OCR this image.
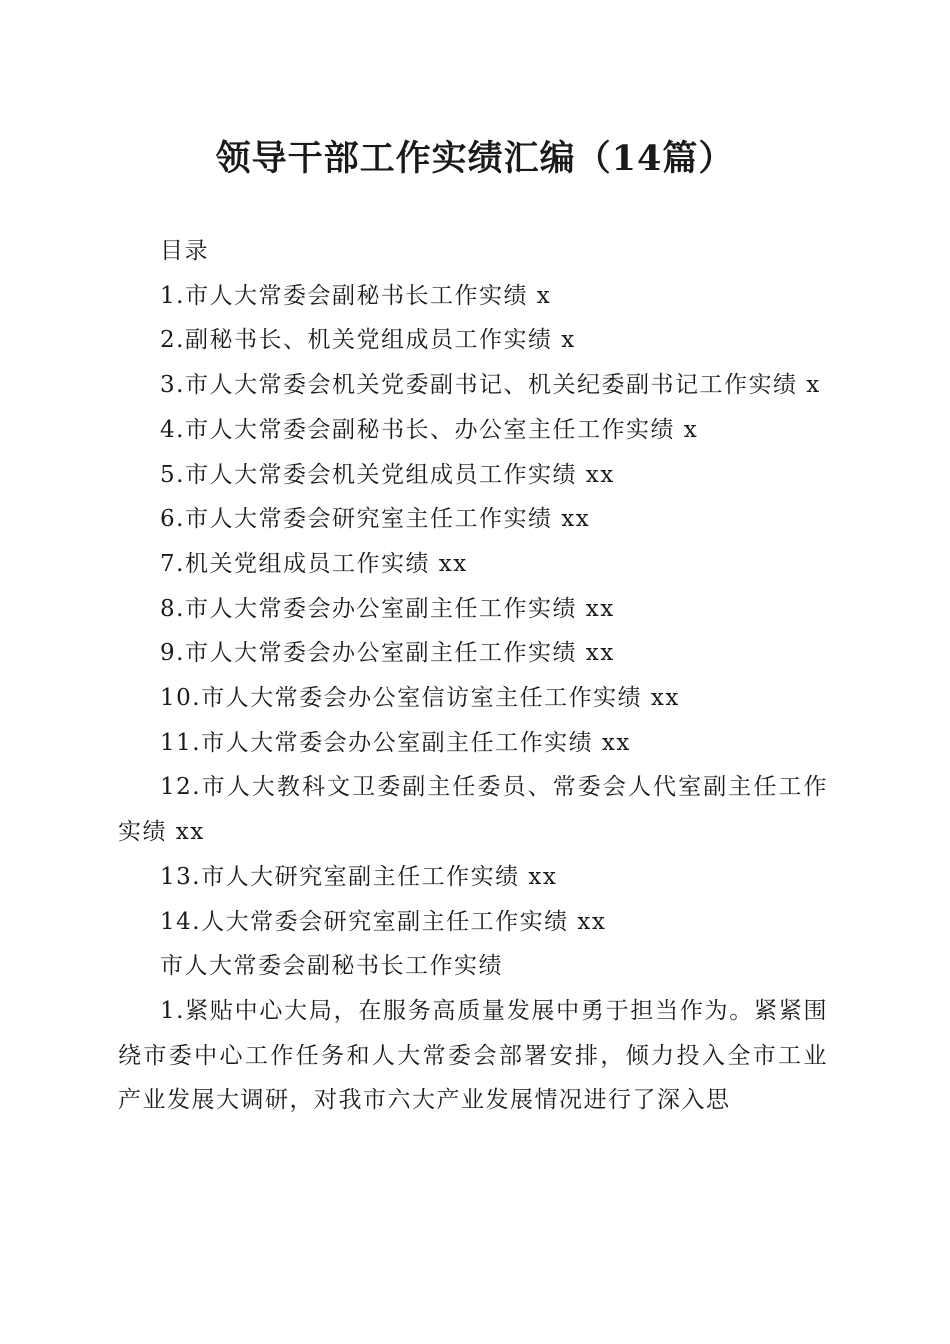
领导干部工作实绩汇编（14篇）

目录

1.市人大常委会副秘书长工作实绩 x

2.副秘书长、机关党组成员工作实绩 x

3.市人大常委会机关党委副书记、机关纪委副书记工作实绩 x

4.市人大常委会副秘书长、办公室主任工作实绩 x

5.市人大常委会机关党组成员工作实绩 xx

6.市人大常委会研究室主任工作实绩 xx

7.机关党组成员工作实绩 xx

8.市人大常委会办公室副主任工作实绩 xx

9.市人大常委会办公室副主任工作实绩 xx

10.市人大常委会办公室信访室主任工作实绩 xx

11.市人大常委会办公室副主任工作实绩 xx

12.市人大教科文卫委副主任委员、常委会人代室副主任工作实绩 xx

13.市人大研究室副主任工作实绩 xx

14.人大常委会研究室副主任工作实绩 xx

市人大常委会副秘书长工作实绩

1.紧贴中心大局，在服务高质量发展中勇于担当作为。紧紧围绕市委中心工作任务和人大常委会部署安排，倾力投入全市工业产业发展大调研，对我市六大产业发展情况进行了深入思
